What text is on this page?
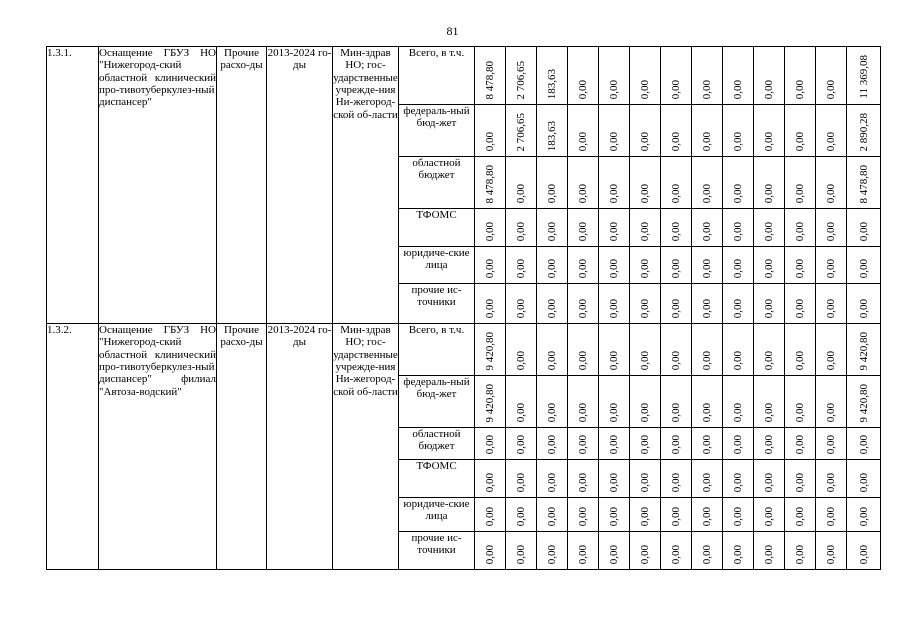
81
1.3.1.	Оснащение ГБУЗ НО "Нижегород-ский областной клинический про-тивотуберкулез-ный диспансер"	Прочие расхо-ды	2013-2024 го-ды	Мин-здрав НО; гос-ударственные учрежде-ния Ни-жегород-ской об-ласти	Всего, в т.ч.	8 478,80	2 706,65	183,63	0,00	0,00	0,00	0,00	0,00	0,00	0,00	0,00	0,00	11 369,08

					федераль-ный бюд-жет	0,00	2 706,65	183,63	0,00	0,00	0,00	0,00	0,00	0,00	0,00	0,00	0,00	2 890,28

					областной бюджет	8 478,80	0,00	0,00	0,00	0,00	0,00	0,00	0,00	0,00	0,00	0,00	0,00	8 478,80

					ТФОМС	0,00	0,00	0,00	0,00	0,00	0,00	0,00	0,00	0,00	0,00	0,00	0,00	0,00

					юридиче-ские лица	0,00	0,00	0,00	0,00	0,00	0,00	0,00	0,00	0,00	0,00	0,00	0,00	0,00

					прочие ис-точники	0,00	0,00	0,00	0,00	0,00	0,00	0,00	0,00	0,00	0,00	0,00	0,00	0,00

1.3.2.	Оснащение ГБУЗ НО "Нижегород-ский областной клинический про-тивотуберкулез-ный диспансер" филиал "Автоза-водский"	Прочие расхо-ды	2013-2024 го-ды	Мин-здрав НО; гос-ударственные учрежде-ния Ни-жегород-ской об-ласти	Всего, в т.ч.	9 420,80	0,00	0,00	0,00	0,00	0,00	0,00	0,00	0,00	0,00	0,00	0,00	9 420,80

					федераль-ный бюд-жет	9 420,80	0,00	0,00	0,00	0,00	0,00	0,00	0,00	0,00	0,00	0,00	0,00	9 420,80

					областной бюджет	0,00	0,00	0,00	0,00	0,00	0,00	0,00	0,00	0,00	0,00	0,00	0,00	0,00

					ТФОМС	0,00	0,00	0,00	0,00	0,00	0,00	0,00	0,00	0,00	0,00	0,00	0,00	0,00

					юридиче-ские лица	0,00	0,00	0,00	0,00	0,00	0,00	0,00	0,00	0,00	0,00	0,00	0,00	0,00

					прочие ис-точники	0,00	0,00	0,00	0,00	0,00	0,00	0,00	0,00	0,00	0,00	0,00	0,00	0,00
